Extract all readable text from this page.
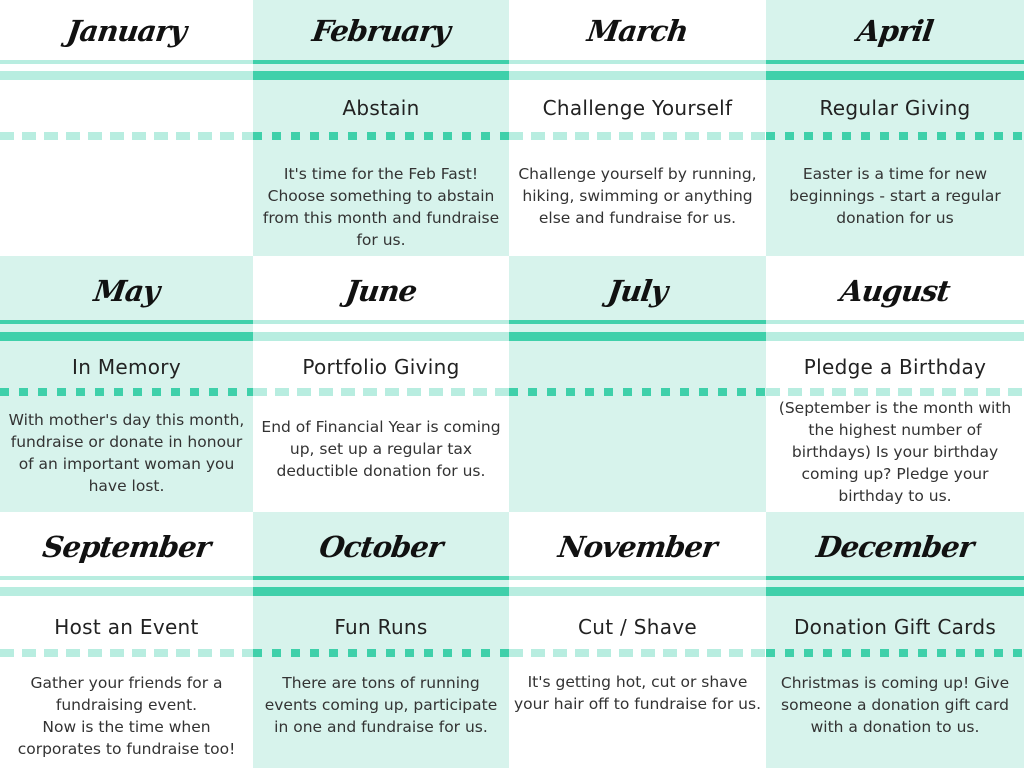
January	February
Abstain
It's time for the Feb Fast! Choose something to abstain from this month and fundraise for us.
March
Challenge Yourself
Challenge yourself by running, hiking, swimming or anything else and fundraise for us.
April
Regular Giving
Easter is a time for new beginnings - start a regular donation for us
May
In Memory
With mother's day this month, fundraise or donate in honour of an important woman you have lost.
June
Portfolio Giving
End of Financial Year is coming up, set up a regular tax deductible donation for us.
July	August
Pledge a Birthday
(September is the month with the highest number of birthdays) Is your birthday coming up? Pledge your birthday to us.
September
Host an Event
Gather your friends for a fundraising event.
Now is the time when corporates to fundraise too!
October
Fun Runs
There are tons of running events coming up, participate in one and fundraise for us.
November
Cut / Shave
It's getting hot, cut or shave your hair off to fundraise for us.
December
Donation Gift Cards
Christmas is coming up! Give someone a donation gift card with a donation to us.
